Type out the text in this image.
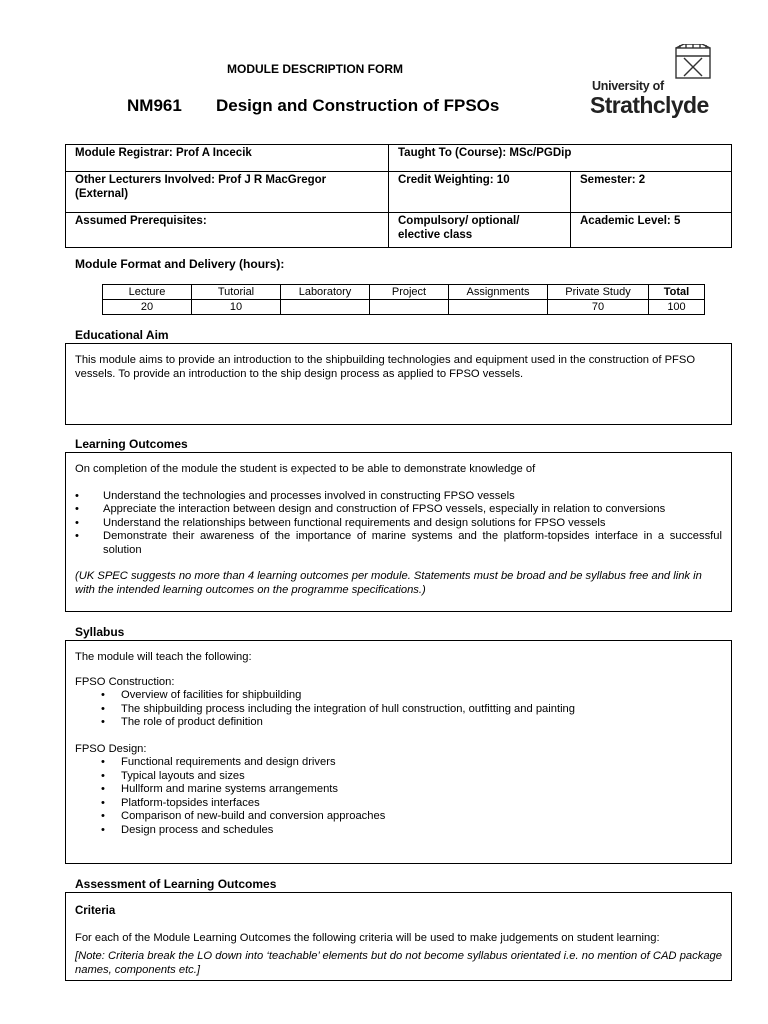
MODULE DESCRIPTION FORM
NM961 Design and Construction of FPSOs
University of
Strathclyde
Module Registrar: Prof A Incecik	Taught To (Course): MSc/PGDip	
Other Lecturers Involved: Prof J R MacGregor (External)	Credit Weighting: 10	Semester: 2
Assumed Prerequisites:	Compulsory/ optional/ elective class	Academic Level: 5
Module Format and Delivery (hours):
Lecture	Tutorial	Laboratory	Project	Assignments	Private Study	Total
20	10				70	100
Educational Aim
This module aims to provide an introduction to the shipbuilding technologies and equipment used in the construction of PFSO vessels. To provide an introduction to the ship design process as applied to FPSO vessels.
Learning Outcomes
On completion of the module the student is expected to be able to demonstrate knowledge of
• Understand the technologies and processes involved in constructing FPSO vessels
• Appreciate the interaction between design and construction of FPSO vessels, especially in relation to conversions
• Understand the relationships between functional requirements and design solutions for FPSO vessels
• Demonstrate their awareness of the importance of marine systems and the platform-topsides interface in a successful solution
(UK SPEC suggests no more than 4 learning outcomes per module. Statements must be broad and be syllabus free and link in with the intended learning outcomes on the programme specifications.)
Syllabus
The module will teach the following:
FPSO Construction:
• Overview of facilities for shipbuilding
• The shipbuilding process including the integration of hull construction, outfitting and painting
• The role of product definition
FPSO Design:
• Functional requirements and design drivers
• Typical layouts and sizes
• Hullform and marine systems arrangements
• Platform-topsides interfaces
• Comparison of new-build and conversion approaches
• Design process and schedules
Assessment of Learning Outcomes
Criteria
For each of the Module Learning Outcomes the following criteria will be used to make judgements on student learning:
[Note: Criteria break the LO down into ‘teachable’ elements but do not become syllabus orientated i.e. no mention of CAD package names, components etc.]
